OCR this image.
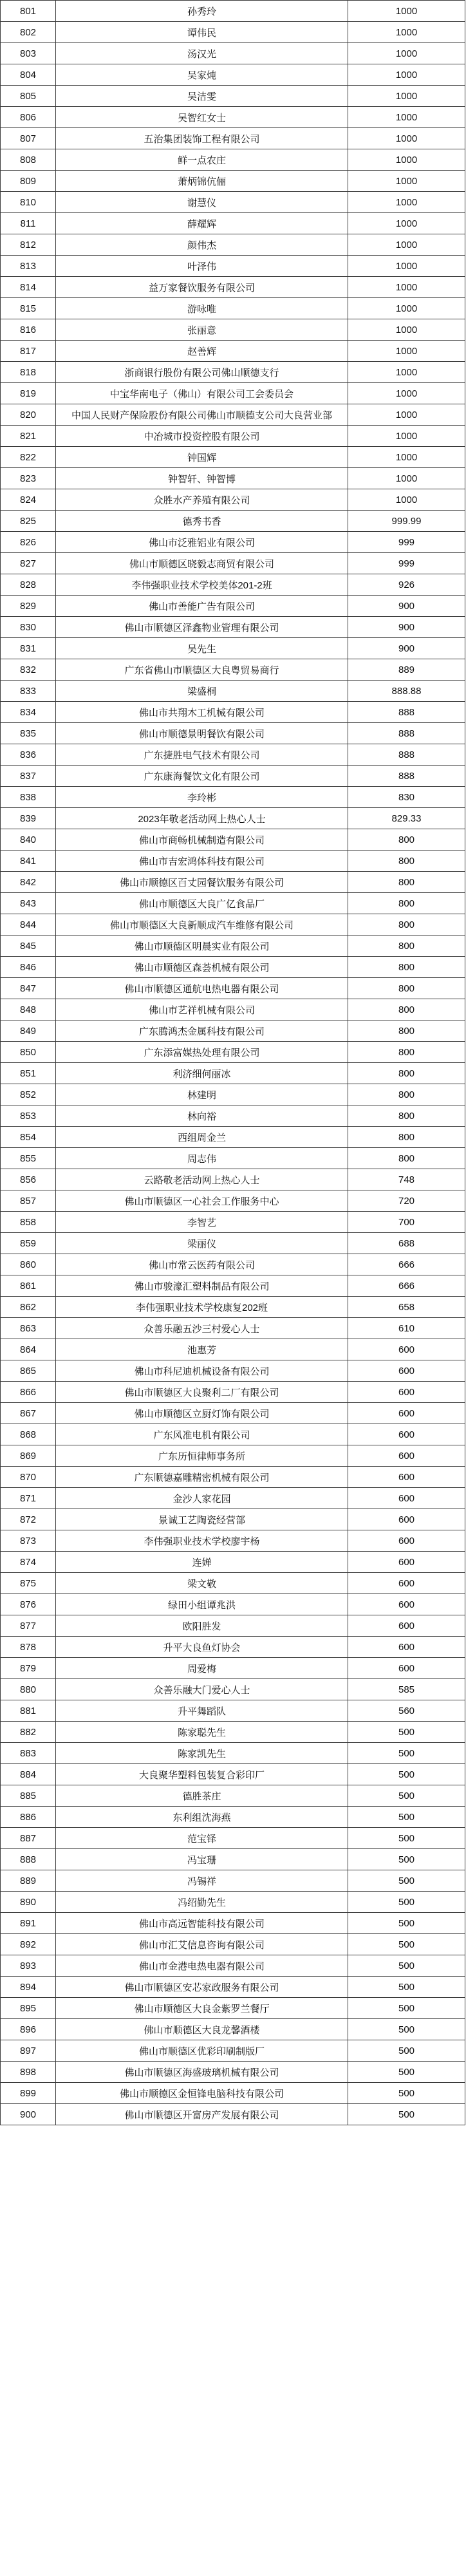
801	孙秀玲	1000
802	谭伟民	1000
803	汤汉光	1000
804	吴家炖	1000
805	吴洁雯	1000
806	吴智红女士	1000
807	五治集团装饰工程有限公司	1000
808	鲜一点农庄	1000
809	萧炳锦伉俪	1000
810	谢慧仪	1000
811	薛耀辉	1000
812	颜伟杰	1000
813	叶泽伟	1000
814	益万家餐饮服务有限公司	1000
815	游咏唯	1000
816	张丽意	1000
817	赵善辉	1000
818	浙商银行股份有限公司佛山顺德支行	1000
819	中宝华南电子（佛山）有限公司工会委员会	1000
820	中国人民财产保险股份有限公司佛山市顺德支公司大良营业部	1000
821	中冶城市投资控股有限公司	1000
822	钟国辉	1000
823	钟智轩、钟智博	1000
824	众胜水产养殖有限公司	1000
825	德秀书香	999.99
826	佛山市泛雅铝业有限公司	999
827	佛山市顺德区晓毅志商贸有限公司	999
828	李伟强职业技术学校美体201-2班	926
829	佛山市善能广告有限公司	900
830	佛山市顺德区泽鑫物业管理有限公司	900
831	吴先生	900
832	广东省佛山市顺德区大良粤贸易商行	889
833	梁盛桐	888.88
834	佛山市共翔木工机械有限公司	888
835	佛山市顺德景明餐饮有限公司	888
836	广东捷胜电气技术有限公司	888
837	广东康海餐饮文化有限公司	888
838	李玲彬	830
839	2023年敬老活动网上热心人士	829.33
840	佛山市商畅机械制造有限公司	800
841	佛山市吉宏鸿体科技有限公司	800
842	佛山市顺德区百丈园餐饮服务有限公司	800
843	佛山市顺德区大良广亿食品厂	800
844	佛山市顺德区大良新顺成汽车维修有限公司	800
845	佛山市顺德区明晨实业有限公司	800
846	佛山市顺德区森荟机械有限公司	800
847	佛山市顺德区通航电热电器有限公司	800
848	佛山市艺祥机械有限公司	800
849	广东腾鸿杰金属科技有限公司	800
850	广东添富媒热处理有限公司	800
851	利济细何丽冰	800
852	林建明	800
853	林向裕	800
854	西组周金兰	800
855	周志伟	800
856	云路敬老活动网上热心人士	748
857	佛山市顺德区一心社会工作服务中心	720
858	李智艺	700
859	梁丽仪	688
860	佛山市常云医药有限公司	666
861	佛山市骏濠汇塑料制品有限公司	666
862	李伟强职业技术学校康复202班	658
863	众善乐融五沙三村爱心人士	610
864	池惠芳	600
865	佛山市科尼迪机械设备有限公司	600
866	佛山市顺德区大良聚利二厂有限公司	600
867	佛山市顺德区立厨灯饰有限公司	600
868	广东风准电机有限公司	600
869	广东历恒律师事务所	600
870	广东顺德嘉雕精密机械有限公司	600
871	金沙人家花园	600
872	景诚工艺陶瓷经营部	600
873	李伟强职业技术学校廖宇杨	600
874	连婵	600
875	梁文敬	600
876	绿田小组谭兆洪	600
877	欧阳胜发	600
878	升平大良鱼灯协会	600
879	周爱梅	600
880	众善乐融大门爱心人士	585
881	升平舞蹈队	560
882	陈家聪先生	500
883	陈家凯先生	500
884	大良聚华塑料包装复合彩印厂	500
885	德胜茶庄	500
886	东利组沈海燕	500
887	范宝铎	500
888	冯宝珊	500
889	冯锡祥	500
890	冯绍勤先生	500
891	佛山市高远智能科技有限公司	500
892	佛山市汇艾信息咨询有限公司	500
893	佛山市金港电热电器有限公司	500
894	佛山市顺德区安芯家政服务有限公司	500
895	佛山市顺德区大良金紫罗兰餐厅	500
896	佛山市顺德区大良龙馨酒楼	500
897	佛山市顺德区优彩印刷制版厂	500
898	佛山市顺德区海盛玻璃机械有限公司	500
899	佛山市顺德区金恒锋电脑科技有限公司	500
900	佛山市顺德区开富房产发展有限公司	500
